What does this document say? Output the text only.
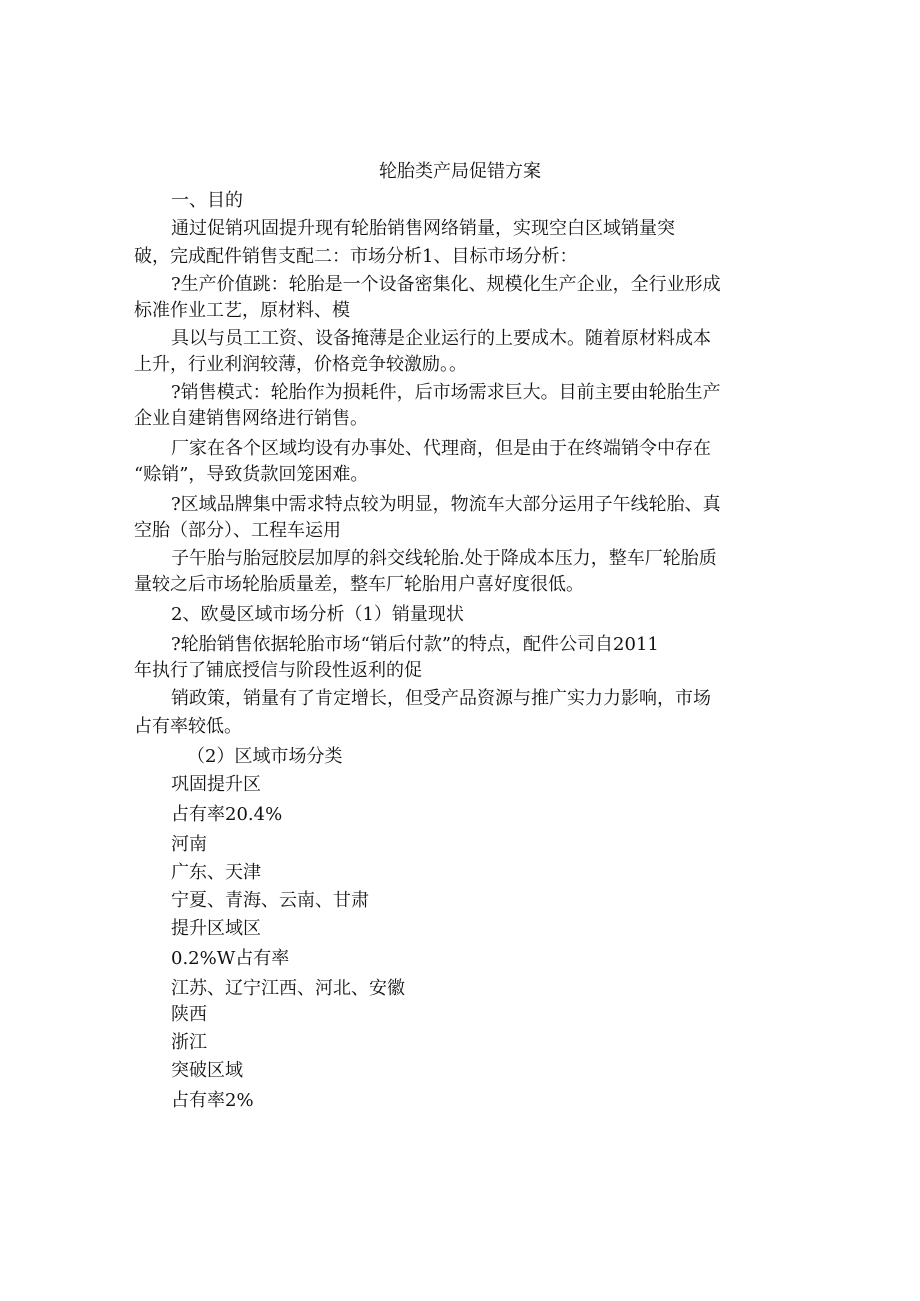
轮胎类产局促错方案
一、目的
通过促销巩固提升现有轮胎销售网络销量，实现空白区域销量突
破，完成配件销售支配二：市场分析1、目标市场分析：
?生产价值跳：轮胎是一个设备密集化、规模化生产企业，全行业形成
标准作业工艺，原材料、模
具以与员工工资、设备掩薄是企业运行的上要成木。随着原材料成本
上升，行业利润较薄，价格竞争较激励。。
?销售模式：轮胎作为损耗件，后市场需求巨大。目前主要由轮胎生产
企业自建销售网络进行销售。
厂家在各个区域均设有办事处、代理商，但是由于在终端销令中存在
“赊销”，导致货款回笼困难。
?区域品牌集中需求特点较为明显，物流车大部分运用子午线轮胎、真
空胎（部分）、工程车运用
子午胎与胎冠胶层加厚的斜交线轮胎.处于降成本压力，整车厂轮胎质
量较之后市场轮胎质量差，整车厂轮胎用户喜好度很低。
2、欧曼区域市场分析（1）销量现状
?轮胎销售依据轮胎市场“销后付款”的特点，配件公司自2011
年执行了铺底授信与阶段性返利的促
销政策，销量有了肯定增长，但受产品资源与推广实力力影响，市场
占有率较低。
（2）区域市场分类
巩固提升区
占有率20.4%
河南
广东、天津
宁夏、青海、云南、甘肃
提升区域区
0.2%W占有率
江苏、辽宁江西、河北、安徽
陕西
浙江
突破区域
占有率2%
